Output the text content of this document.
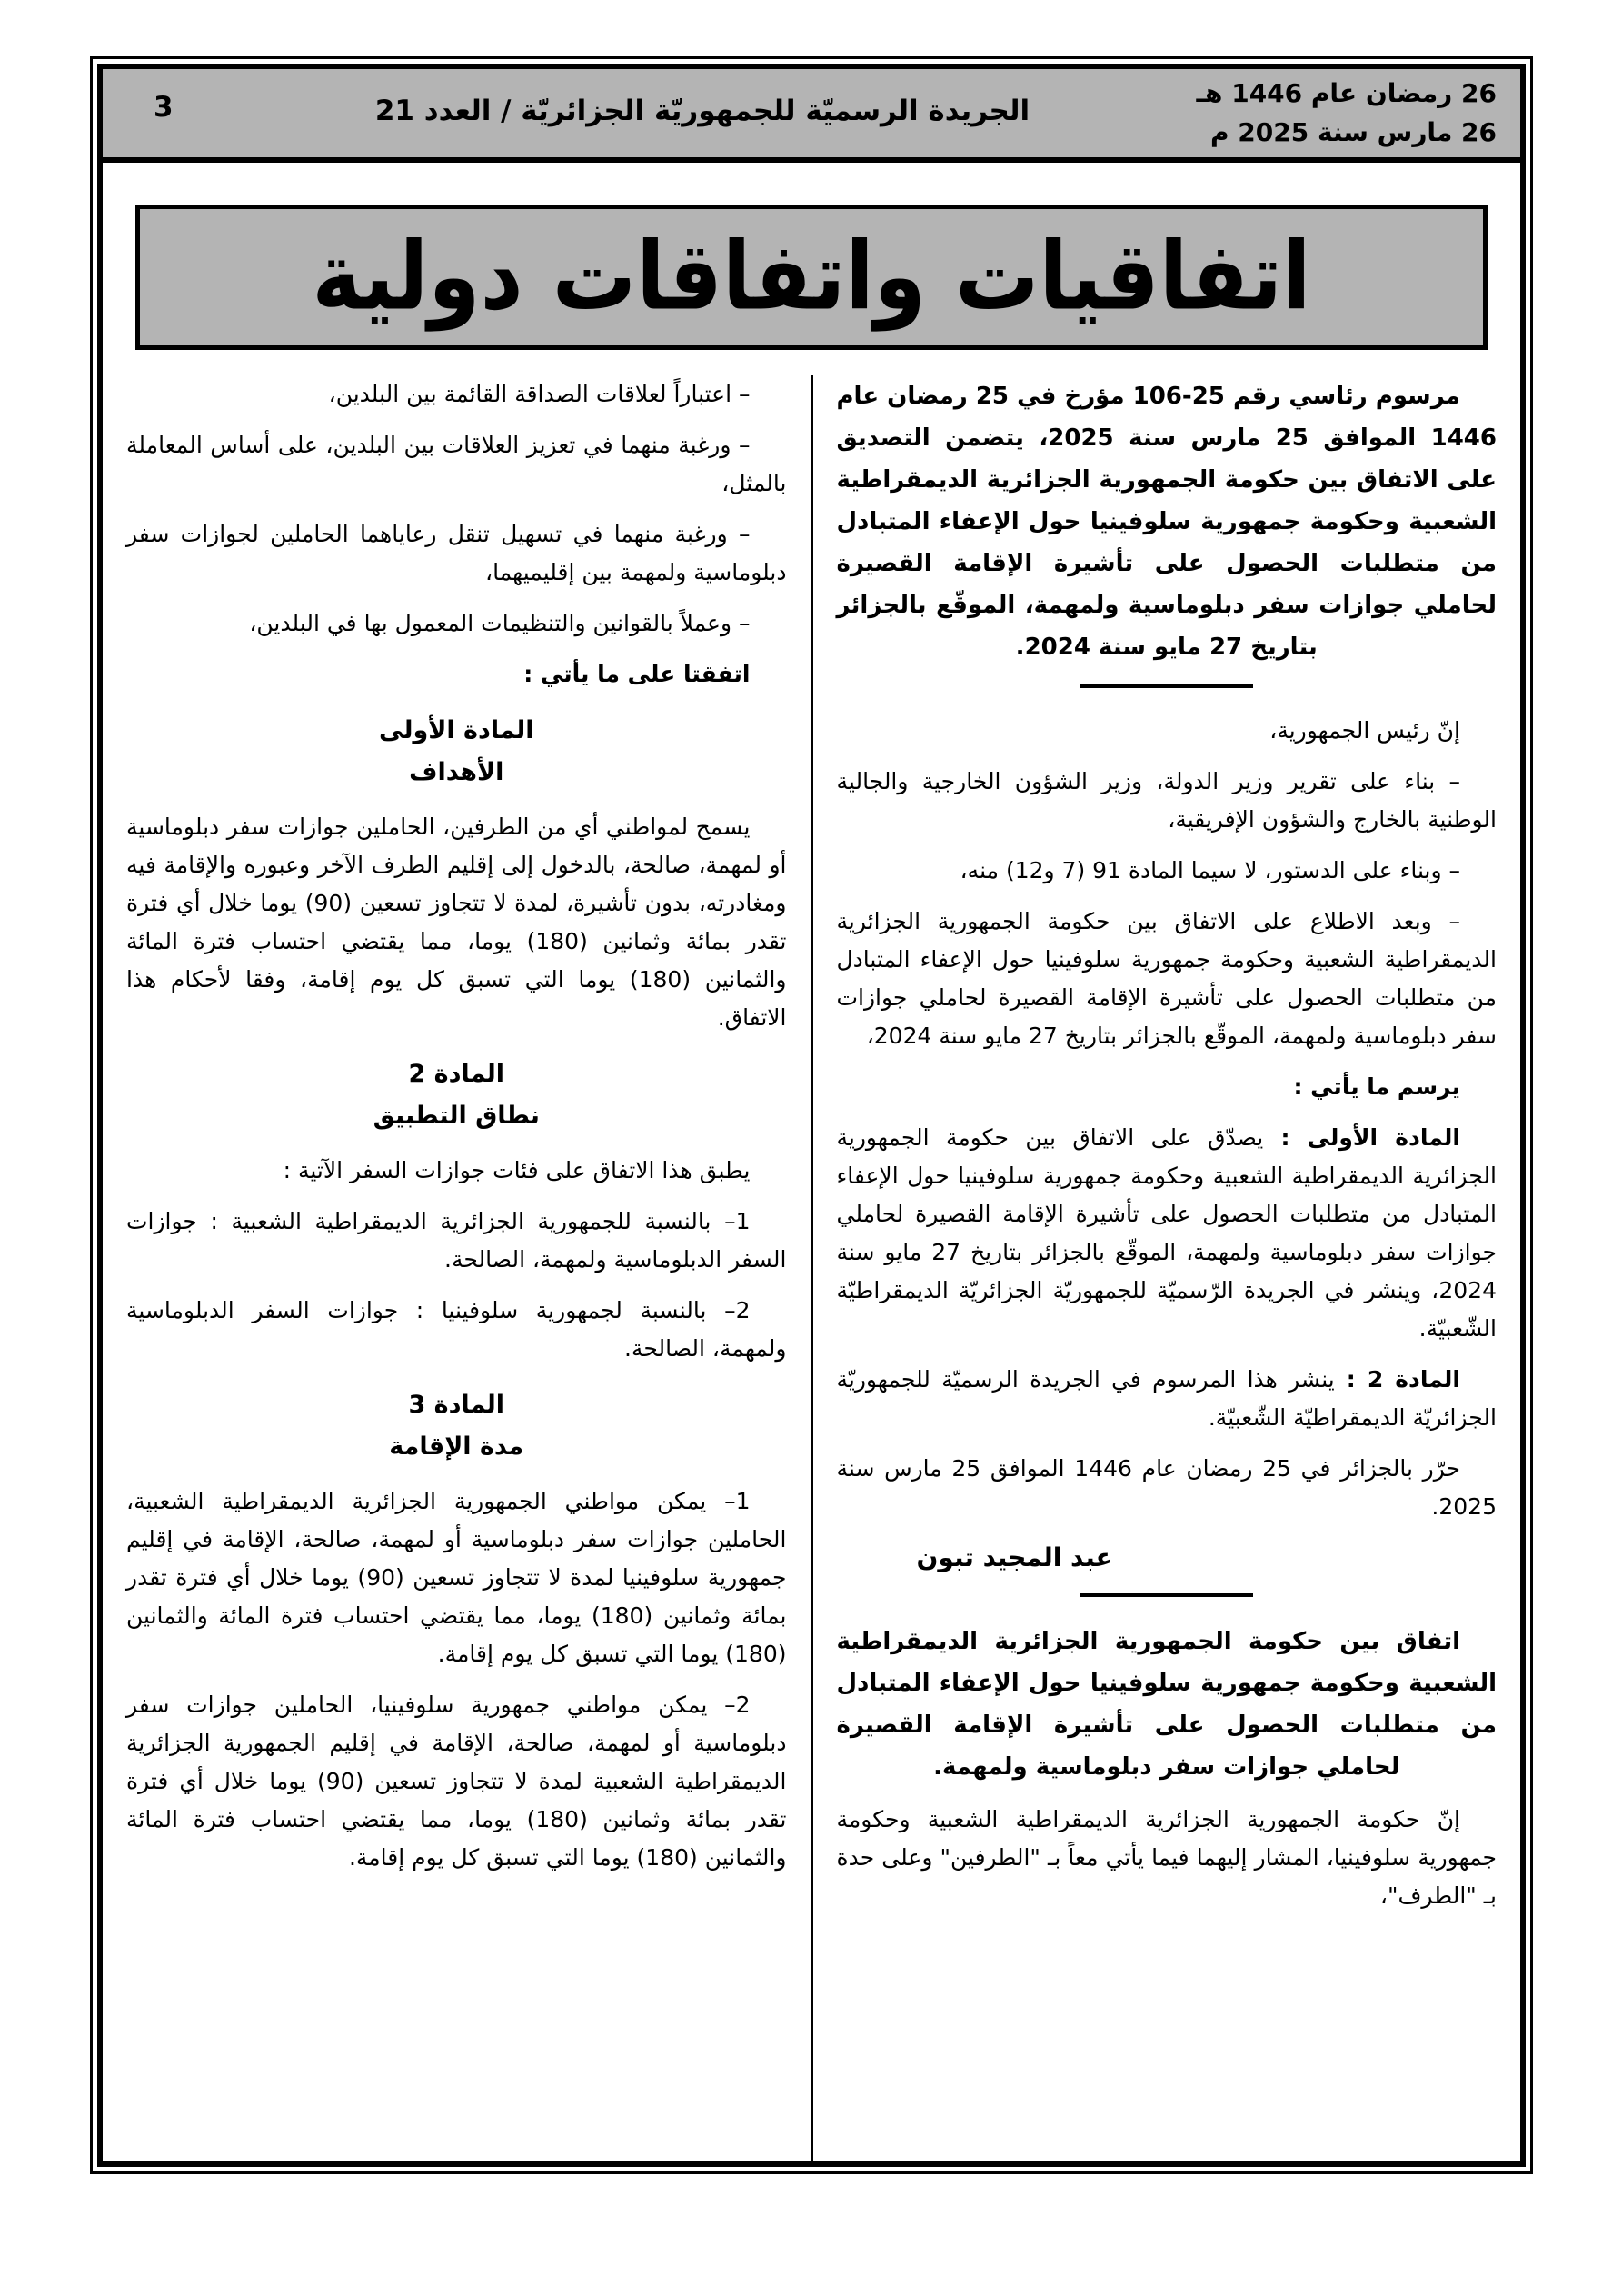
26 رمضان عام 1446 هـ
26 مارس سنة 2025 م
الجريدة الرسميّة للجمهوريّة الجزائريّة / العدد 21
3
اتفاقيات واتفاقات دولية

مرسوم رئاسي رقم 25-106 مؤرخ في 25 رمضان عام 1446 الموافق 25 مارس سنة 2025، يتضمن التصديق على الاتفاق بين حكومة الجمهورية الجزائرية الديمقراطية الشعبية وحكومة جمهورية سلوفينيا حول الإعفاء المتبادل من متطلبات الحصول على تأشيرة الإقامة القصيرة لحاملي جوازات سفر دبلوماسية ولمهمة، الموقّع بالجزائر بتاريخ 27 مايو سنة 2024.

إنّ رئيس الجمهورية،

– بناء على تقرير وزير الدولة، وزير الشؤون الخارجية والجالية الوطنية بالخارج والشؤون الإفريقية،

– وبناء على الدستور، لا سيما المادة 91 (7 و12) منه،

– وبعد الاطلاع على الاتفاق بين حكومة الجمهورية الجزائرية الديمقراطية الشعبية وحكومة جمهورية سلوفينيا حول الإعفاء المتبادل من متطلبات الحصول على تأشيرة الإقامة القصيرة لحاملي جوازات سفر دبلوماسية ولمهمة، الموقّع بالجزائر بتاريخ 27 مايو سنة 2024،

يرسم ما يأتي :

المادة الأولى :يصدّق على الاتفاق بين حكومة الجمهورية الجزائرية الديمقراطية الشعبية وحكومة جمهورية سلوفينيا حول الإعفاء المتبادل من متطلبات الحصول على تأشيرة الإقامة القصيرة لحاملي جوازات سفر دبلوماسية ولمهمة، الموقّع بالجزائر بتاريخ 27 مايو سنة 2024، وينشر في الجريدة الرّسميّة للجمهوريّة الجزائريّة الديمقراطيّة الشّعبيّة.

المادة 2 :ينشر هذا المرسوم في الجريدة الرسميّة للجمهوريّة الجزائريّة الديمقراطيّة الشّعبيّة.

حرّر بالجزائر في 25 رمضان عام 1446 الموافق 25 مارس سنة 2025.

عبد المجيد تبون

اتفاق بين حكومة الجمهورية الجزائرية الديمقراطية الشعبية وحكومة جمهورية سلوفينيا حول الإعفاء المتبادل من متطلبات الحصول على تأشيرة الإقامة القصيرة لحاملي جوازات سفر دبلوماسية ولمهمة.

إنّ حكومة الجمهورية الجزائرية الديمقراطية الشعبية وحكومة جمهورية سلوفينيا، المشار إليهما فيما يأتي معاً بـ "الطرفين" وعلى حدة بـ "الطرف"،

– اعتباراً لعلاقات الصداقة القائمة بين البلدين،

– ورغبة منهما في تعزيز العلاقات بين البلدين، على أساس المعاملة بالمثل،

– ورغبة منهما في تسهيل تنقل رعاياهما الحاملين لجوازات سفر دبلوماسية ولمهمة بين إقليميهما،

– وعملاً بالقوانين والتنظيمات المعمول بها في البلدين،

اتفقتا على ما يأتي :

المادة الأولى
الأهداف

يسمح لمواطني أي من الطرفين، الحاملين جوازات سفر دبلوماسية أو لمهمة، صالحة، بالدخول إلى إقليم الطرف الآخر وعبوره والإقامة فيه ومغادرته، بدون تأشيرة، لمدة لا تتجاوز تسعين (90) يوما خلال أي فترة تقدر بمائة وثمانين (180) يوما، مما يقتضي احتساب فترة المائة والثمانين (180) يوما التي تسبق كل يوم إقامة، وفقا لأحكام هذا الاتفاق.

المادة 2
نطاق التطبيق

يطبق هذا الاتفاق على فئات جوازات السفر الآتية :

1– بالنسبة للجمهورية الجزائرية الديمقراطية الشعبية : جوازات السفر الدبلوماسية ولمهمة، الصالحة.

2– بالنسبة لجمهورية سلوفينيا : جوازات السفر الدبلوماسية ولمهمة، الصالحة.

المادة 3
مدة الإقامة

1– يمكن مواطني الجمهورية الجزائرية الديمقراطية الشعبية، الحاملين جوازات سفر دبلوماسية أو لمهمة، صالحة، الإقامة في إقليم جمهورية سلوفينيا لمدة لا تتجاوز تسعين (90) يوما خلال أي فترة تقدر بمائة وثمانين (180) يوما، مما يقتضي احتساب فترة المائة والثمانين (180) يوما التي تسبق كل يوم إقامة.

2– يمكن مواطني جمهورية سلوفينيا، الحاملين جوازات سفر دبلوماسية أو لمهمة، صالحة، الإقامة في إقليم الجمهورية الجزائرية الديمقراطية الشعبية لمدة لا تتجاوز تسعين (90) يوما خلال أي فترة تقدر بمائة وثمانين (180) يوما، مما يقتضي احتساب فترة المائة والثمانين (180) يوما التي تسبق كل يوم إقامة.
